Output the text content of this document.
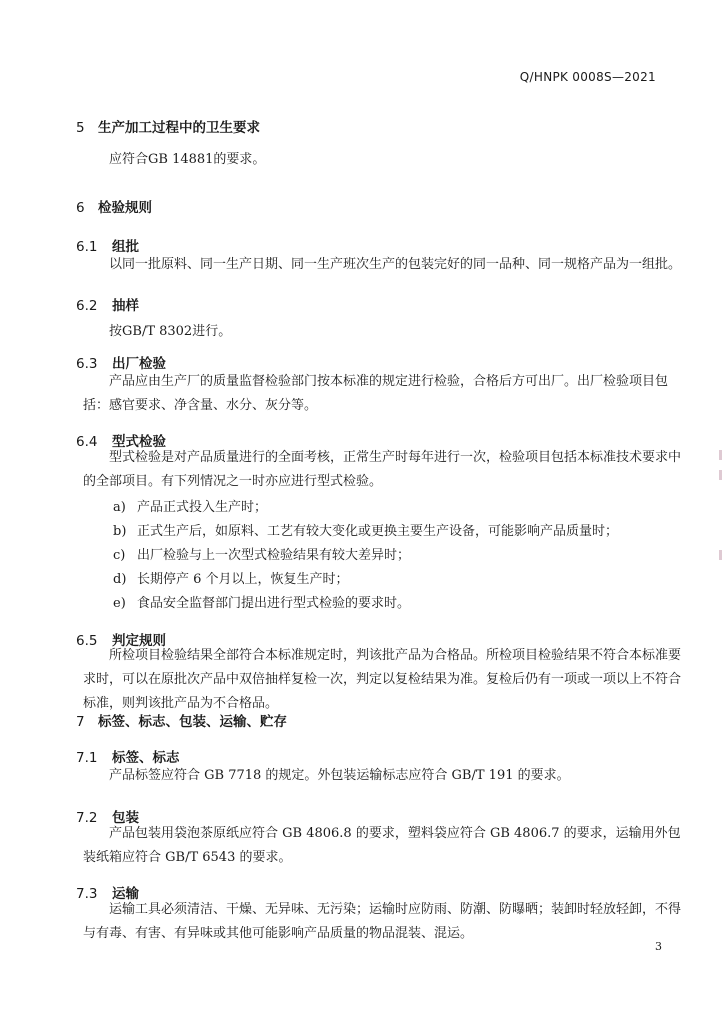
Q/HNPK 0008S—2021
5 生产加工过程中的卫生要求
应符合GB 14881的要求。
6 检验规则
6.1 组批
以同一批原料、同一生产日期、同一生产班次生产的包装完好的同一品种、同一规格产品为一组批。
6.2 抽样
按GB/T 8302进行。
6.3 出厂检验
产品应由生产厂的质量监督检验部门按本标准的规定进行检验，合格后方可出厂。出厂检验项目包括：感官要求、净含量、水分、灰分等。
6.4 型式检验
型式检验是对产品质量进行的全面考核，正常生产时每年进行一次，检验项目包括本标准技术要求中的全部项目。有下列情况之一时亦应进行型式检验。
a) 产品正式投入生产时；
b) 正式生产后，如原料、工艺有较大变化或更换主要生产设备，可能影响产品质量时；
c) 出厂检验与上一次型式检验结果有较大差异时；
d) 长期停产 6 个月以上，恢复生产时；
e) 食品安全监督部门提出进行型式检验的要求时。
6.5 判定规则
所检项目检验结果全部符合本标准规定时，判该批产品为合格品。所检项目检验结果不符合本标准要求时，可以在原批次产品中双倍抽样复检一次，判定以复检结果为准。复检后仍有一项或一项以上不符合标准，则判该批产品为不合格品。
7 标签、标志、包装、运输、贮存
7.1 标签、标志
产品标签应符合 GB 7718 的规定。外包装运输标志应符合 GB/T 191 的要求。
7.2 包装
产品包装用袋泡茶原纸应符合 GB 4806.8 的要求，塑料袋应符合 GB 4806.7 的要求，运输用外包装纸箱应符合 GB/T 6543 的要求。
7.3 运输
运输工具必须清洁、干燥、无异味、无污染；运输时应防雨、防潮、防曝晒；装卸时轻放轻卸，不得与有毒、有害、有异味或其他可能影响产品质量的物品混装、混运。
3
